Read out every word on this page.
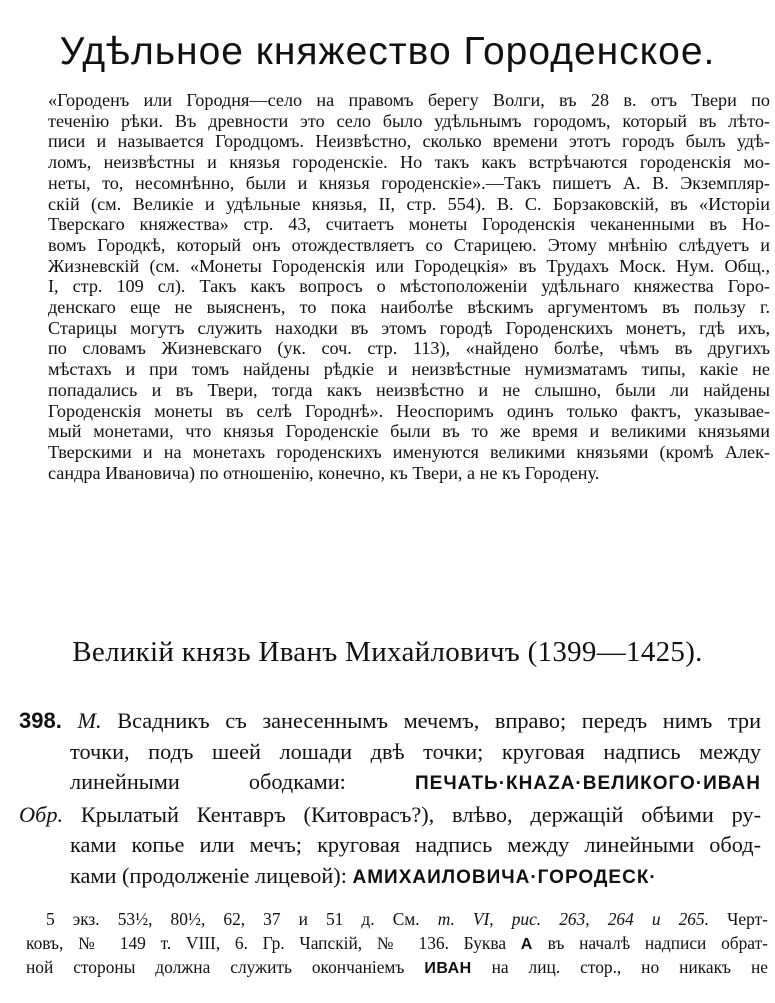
Удѣльное княжество Городенское.
«Городенъ или Городня—село на правомъ берегу Волги, въ 28 в. отъ Твери по
теченію рѣки. Въ древности это село было удѣльнымъ городомъ, который въ лѣто-
писи и называется Городцомъ. Неизвѣстно, сколько времени этотъ городъ былъ удѣ-
ломъ, неизвѣстны и князья городенскіе. Но такъ какъ встрѣчаются городенскія мо-
неты, то, несомнѣнно, были и князья городенскіе».—Такъ пишетъ А. В. Экземпляр-
скій (см. Великіе и удѣльные князья, II, стр. 554). В. С. Борзаковскій, въ «Исторіи
Тверскаго княжества» стр. 43, считаетъ монеты Городенскія чеканенными въ Но-
вомъ Городкѣ, который онъ отождествляетъ со Старицею. Этому мнѣнію слѣдуетъ и
Жизневскій (см. «Монеты Городенскія или Городецкія» въ Трудахъ Моск. Нум. Общ.,
I, стр. 109 сл). Такъ какъ вопросъ о мѣстоположеніи удѣльнаго княжества Горо-
денскаго еще не выясненъ, то пока наиболѣе вѣскимъ аргументомъ въ пользу г.
Старицы могутъ служить находки въ этомъ городѣ Городенскихъ монетъ, гдѣ ихъ,
по словамъ Жизневскаго (ук. соч. стр. 113), «найдено болѣе, чѣмъ въ другихъ
мѣстахъ и при томъ найдены рѣдкіе и неизвѣстные нумизматамъ типы, какіе не
попадались и въ Твери, тогда какъ неизвѣстно и не слышно, были ли найдены
Городенскія монеты въ селѣ Городнѣ». Неоспоримъ одинъ только фактъ, указывае-
мый монетами, что князья Городенскіе были въ то же время и великими князьями
Тверскими и на монетахъ городенскихъ именуются великими князьями (кромѣ Алек-
сандра Ивановича) по отношенію, конечно, къ Твери, а не къ Городену.
Великій князь Иванъ Михайловичъ (1399—1425).
398. М. Всадникъ съ занесеннымъ мечемъ, вправо; передъ нимъ три
точки, подъ шеей лошади двѣ точки; круговая надпись между
линейными ободками:	ПЕЧАТЬ·КНАZА·ВЕЛИКОГО·ИВАН
Обр. Крылатый Кентавръ (Китоврасъ?), влѣво, держащій обѣими ру-
ками копье или мечъ; круговая надпись между линейными обод-
ками (продолженіе лицевой): АМИХАИЛОВИЧА·ГОРОДЕСК·
5 экз. 53½, 80½, 62, 37 и 51 д. См. т. VI, рис. 263, 264 и 265. Черт-
ковъ, № 149 т. VIII, 6. Гр. Чапскій, № 136. Буква А въ началѣ надписи обрат-
ной стороны должна служить окончаніемъ ИВАН на лиц. стор., но никакъ не
